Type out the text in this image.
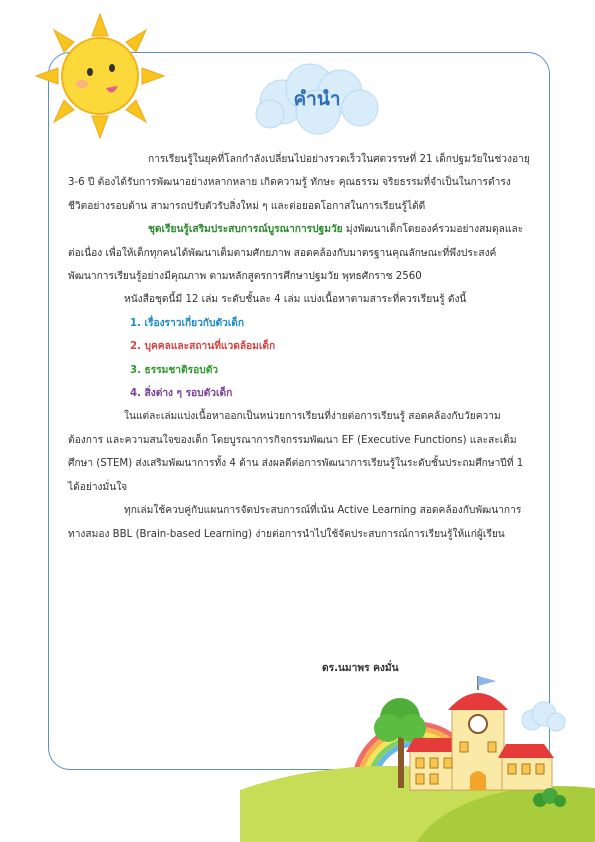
คำนำ

การเรียนรู้ในยุคที่โลกกำลังเปลี่ยนไปอย่างรวดเร็วในศตวรรษที่ 21 เด็กปฐมวัยในช่วงอายุ 3-6 ปี ต้องได้รับการพัฒนาอย่างหลากหลาย เกิดความรู้ ทักษะ คุณธรรม จริยธรรมที่จำเป็นในการดำรงชีวิตอย่างรอบด้าน สามารถปรับตัวรับสิ่งใหม่ ๆ และต่อยอดโอกาสในการเรียนรู้ได้ดี

ชุดเรียนรู้เสริมประสบการณ์บูรณาการปฐมวัย มุ่งพัฒนาเด็กโดยองค์รวมอย่างสมดุลและต่อเนื่อง เพื่อให้เด็กทุกคนได้พัฒนาเต็มตามศักยภาพ สอดคล้องกับมาตรฐานคุณลักษณะที่พึงประสงค์ พัฒนาการเรียนรู้อย่างมีคุณภาพ ตามหลักสูตรการศึกษาปฐมวัย พุทธศักราช 2560

หนังสือชุดนี้มี 12 เล่ม ระดับชั้นละ 4 เล่ม แบ่งเนื้อหาตามสาระที่ควรเรียนรู้ ดังนี้

1. เรื่องราวเกี่ยวกับตัวเด็ก
2. บุคคลและสถานที่แวดล้อมเด็ก
3. ธรรมชาติรอบตัว
4. สิ่งต่าง ๆ รอบตัวเด็ก

ในแต่ละเล่มแบ่งเนื้อหาออกเป็นหน่วยการเรียนที่ง่ายต่อการเรียนรู้ สอดคล้องกับวัยความต้องการ และความสนใจของเด็ก โดยบูรณาการกิจกรรมพัฒนา EF (Executive Functions) และสะเต็มศึกษา (STEM) ส่งเสริมพัฒนาการทั้ง 4 ด้าน ส่งผลดีต่อการพัฒนาการเรียนรู้ในระดับชั้นประถมศึกษาปีที่ 1 ได้อย่างมั่นใจ

ทุกเล่มใช้ควบคู่กับแผนการจัดประสบการณ์ที่เน้น Active Learning สอดคล้องกับพัฒนาการทางสมอง BBL (Brain-based Learning) ง่ายต่อการนำไปใช้จัดประสบการณ์การเรียนรู้ให้แก่ผู้เรียน

ดร.นมาพร คงมั่น
